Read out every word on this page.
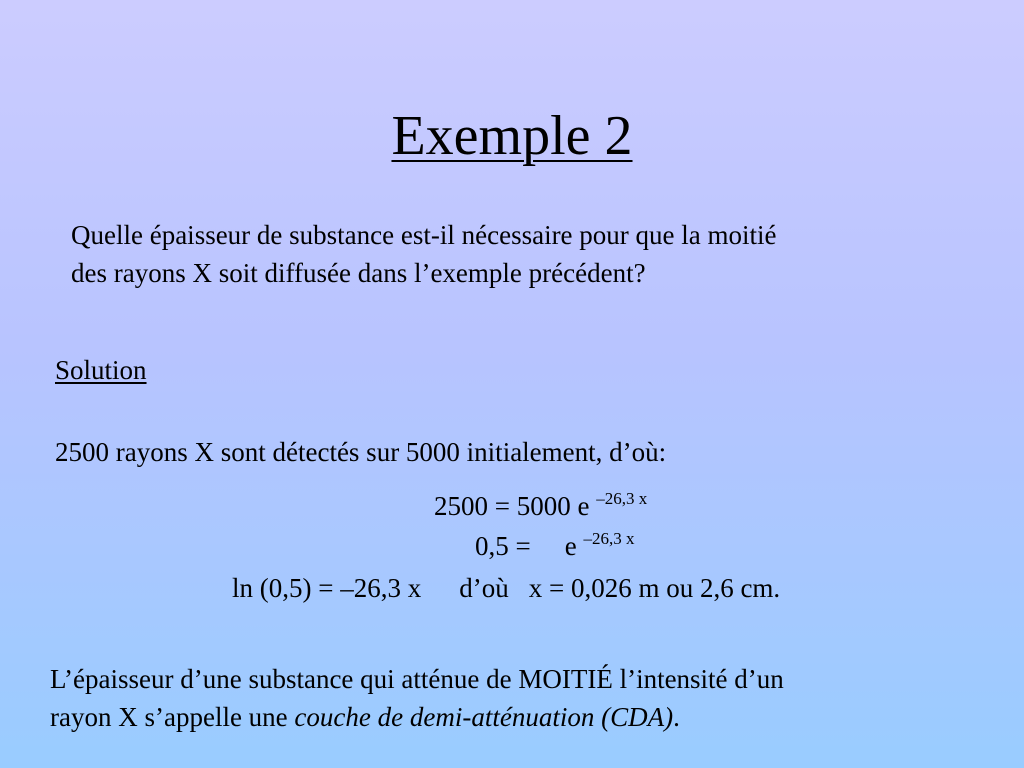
Exemple 2
Quelle épaisseur de substance est-il nécessaire pour que la moitié
des rayons X soit diffusée dans l’exemple précédent?
Solution
2500 rayons X sont détectés sur 5000 initialement, d’où:
2500 = 5000 e $^{-26,3 x}$
0,5 = e $^{-26,3 x}$
ln (0,5) = –26,3 x d’où x = 0,026 m ou 2,6 cm.
L’épaisseur d’une substance qui atténue de MOITIÉ l’intensité d’un
rayon X s’appelle une couche de demi-atténuation (CDA).
